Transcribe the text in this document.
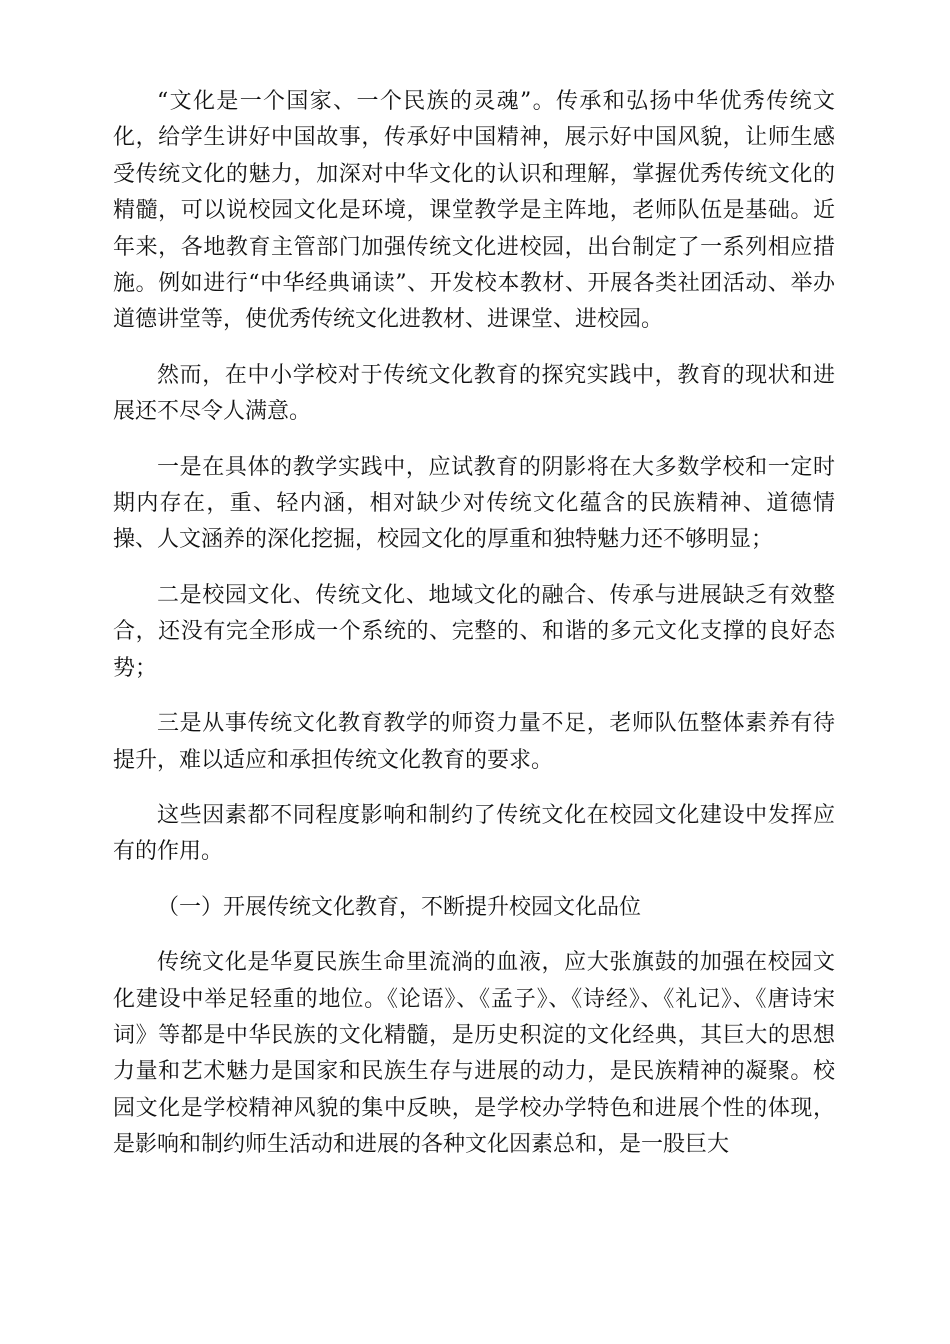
“文化是一个国家、一个民族的灵魂”。传承和弘扬中华优秀传统文化，给学生讲好中国故事，传承好中国精神，展示好中国风貌，让师生感受传统文化的魅力，加深对中华文化的认识和理解，掌握优秀传统文化的精髓，可以说校园文化是环境，课堂教学是主阵地，老师队伍是基础。近年来，各地教育主管部门加强传统文化进校园，出台制定了一系列相应措施。例如进行“中华经典诵读”、开发校本教材、开展各类社团活动、举办道德讲堂等，使优秀传统文化进教材、进课堂、进校园。

然而，在中小学校对于传统文化教育的探究实践中，教育的现状和进展还不尽令人满意。

一是在具体的教学实践中，应试教育的阴影将在大多数学校和一定时期内存在，重、轻内涵，相对缺少对传统文化蕴含的民族精神、道德情操、人文涵养的深化挖掘，校园文化的厚重和独特魅力还不够明显；

二是校园文化、传统文化、地域文化的融合、传承与进展缺乏有效整合，还没有完全形成一个系统的、完整的、和谐的多元文化支撑的良好态势；

三是从事传统文化教育教学的师资力量不足，老师队伍整体素养有待提升，难以适应和承担传统文化教育的要求。

这些因素都不同程度影响和制约了传统文化在校园文化建设中发挥应有的作用。

（一）开展传统文化教育，不断提升校园文化品位

传统文化是华夏民族生命里流淌的血液，应大张旗鼓的加强在校园文化建设中举足轻重的地位。《论语》、《孟子》、《诗经》、《礼记》、《唐诗宋词》等都是中华民族的文化精髓，是历史积淀的文化经典，其巨大的思想力量和艺术魅力是国家和民族生存与进展的动力，是民族精神的凝聚。校园文化是学校精神风貌的集中反映，是学校办学特色和进展个性的体现，是影响和制约师生活动和进展的各种文化因素总和，是一股巨大
